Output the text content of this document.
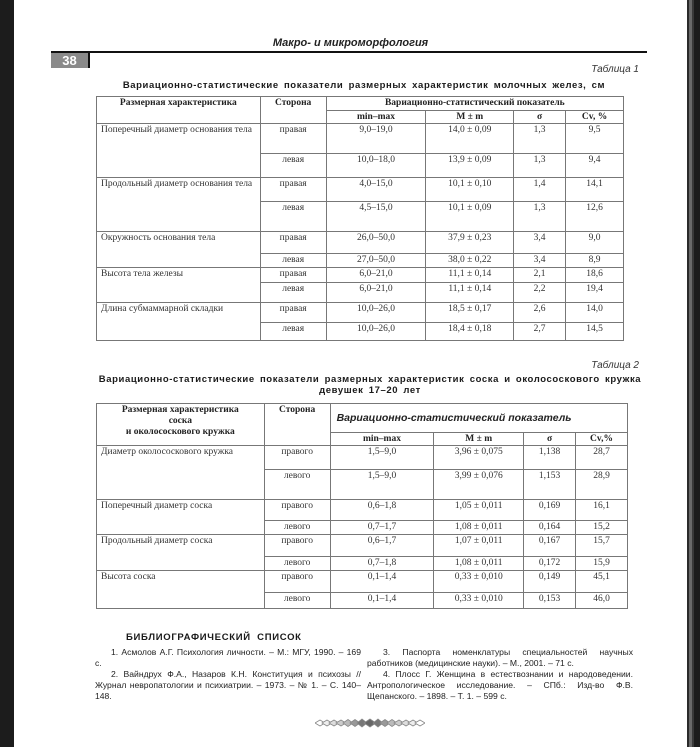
Макро- и микроморфология
38
Таблица 1
Вариационно-статистические показатели размерных характеристик молочных желез, см
Размерная характеристика	Сторона	Вариационно-статистический показатель			
		min–max	M ± m	σ	Cv, %
Поперечный диаметр основания тела	правая	9,0–19,0	14,0 ± 0,09	1,3	9,5
	левая	10,0–18,0	13,9 ± 0,09	1,3	9,4
Продольный диаметр основания тела	правая	4,0–15,0	10,1 ± 0,10	1,4	14,1
	левая	4,5–15,0	10,1 ± 0,09	1,3	12,6
Окружность основания тела	правая	26,0–50,0	37,9 ± 0,23	3,4	9,0
	левая	27,0–50,0	38,0 ± 0,22	3,4	8,9
Высота тела железы	правая	6,0–21,0	11,1 ± 0,14	2,1	18,6
	левая	6,0–21,0	11,1 ± 0,14	2,2	19,4
Длина субмаммарной складки	правая	10,0–26,0	18,5 ± 0,17	2,6	14,0
	левая	10,0–26,0	18,4 ± 0,18	2,7	14,5
Таблица 2
Вариационно-статистические показатели размерных характеристик соска и околососкового кружка
девушек 17–20 лет
Размерная характеристика
соска
и околососкового кружка	Сторона	Вариационно-статистический показатель			
		min–max	M ± m	σ	Cv,%
Диаметр околососкового кружка	правого	1,5–9,0	3,96 ± 0,075	1,138	28,7
	левого	1,5–9,0	3,99 ± 0,076	1,153	28,9
Поперечный диаметр соска	правого	0,6–1,8	1,05 ± 0,011	0,169	16,1
	левого	0,7–1,7	1,08 ± 0,011	0,164	15,2
Продольный диаметр соска	правого	0,6–1,7	1,07 ± 0,011	0,167	15,7
	левого	0,7–1,8	1,08 ± 0,011	0,172	15,9
Высота соска	правого	0,1–1,4	0,33 ± 0,010	0,149	45,1
	левого	0,1–1,4	0,33 ± 0,010	0,153	46,0
БИБЛИОГРАФИЧЕСКИЙ СПИСОК

1. Асмолов А.Г. Психология личности. – М.: МГУ, 1990. – 169 с.

2. Вайндрух Ф.А., Назаров К.Н. Конституция и психозы // Журнал невропатологии и психиатрии. – 1973. – № 1. – С. 140–148.

3. Паспорта номенклатуры специальностей научных работников (медицинские науки). – М., 2001. – 71 с.

4. Плосс Г. Женщина в естествознании и народоведении. Антропологическое исследование. – СПб.: Изд-во Ф.В. Щепанского. – 1898. – Т. 1. – 599 с.
